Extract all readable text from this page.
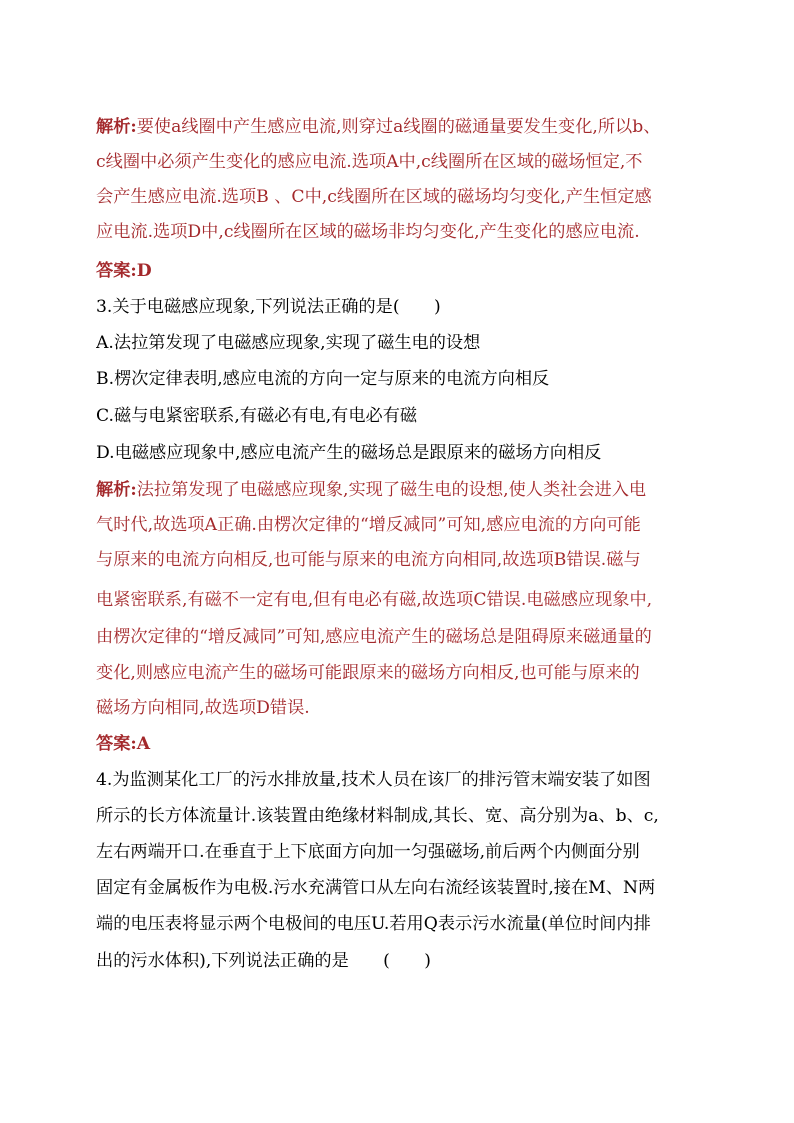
解析:要使a线圈中产生感应电流,则穿过a线圈的磁通量要发生变化,所以b、
c线圈中必须产生变化的感应电流.选项A中,c线圈所在区域的磁场恒定,不
会产生感应电流.选项B 、C中,c线圈所在区域的磁场均匀变化,产生恒定感
应电流.选项D中,c线圈所在区域的磁场非均匀变化,产生变化的感应电流.
答案:D
3.关于电磁感应现象,下列说法正确的是(　　)
A.法拉第发现了电磁感应现象,实现了磁生电的设想
B.楞次定律表明,感应电流的方向一定与原来的电流方向相反
C.磁与电紧密联系,有磁必有电,有电必有磁
D.电磁感应现象中,感应电流产生的磁场总是跟原来的磁场方向相反
解析:法拉第发现了电磁感应现象,实现了磁生电的设想,使人类社会进入电
气时代,故选项A正确.由楞次定律的“增反减同”可知,感应电流的方向可能
与原来的电流方向相反,也可能与原来的电流方向相同,故选项B错误.磁与
电紧密联系,有磁不一定有电,但有电必有磁,故选项C错误.电磁感应现象中,
由楞次定律的“增反减同”可知,感应电流产生的磁场总是阻碍原来磁通量的
变化,则感应电流产生的磁场可能跟原来的磁场方向相反,也可能与原来的
磁场方向相同,故选项D错误.
答案:A
4.为监测某化工厂的污水排放量,技术人员在该厂的排污管末端安装了如图
所示的长方体流量计.该装置由绝缘材料制成,其长、宽、高分别为a、b、c,
左右两端开口.在垂直于上下底面方向加一匀强磁场,前后两个内侧面分别
固定有金属板作为电极.污水充满管口从左向右流经该装置时,接在M、N两
端的电压表将显示两个电极间的电压U.若用Q表示污水流量(单位时间内排
出的污水体积),下列说法正确的是　　(　　)
